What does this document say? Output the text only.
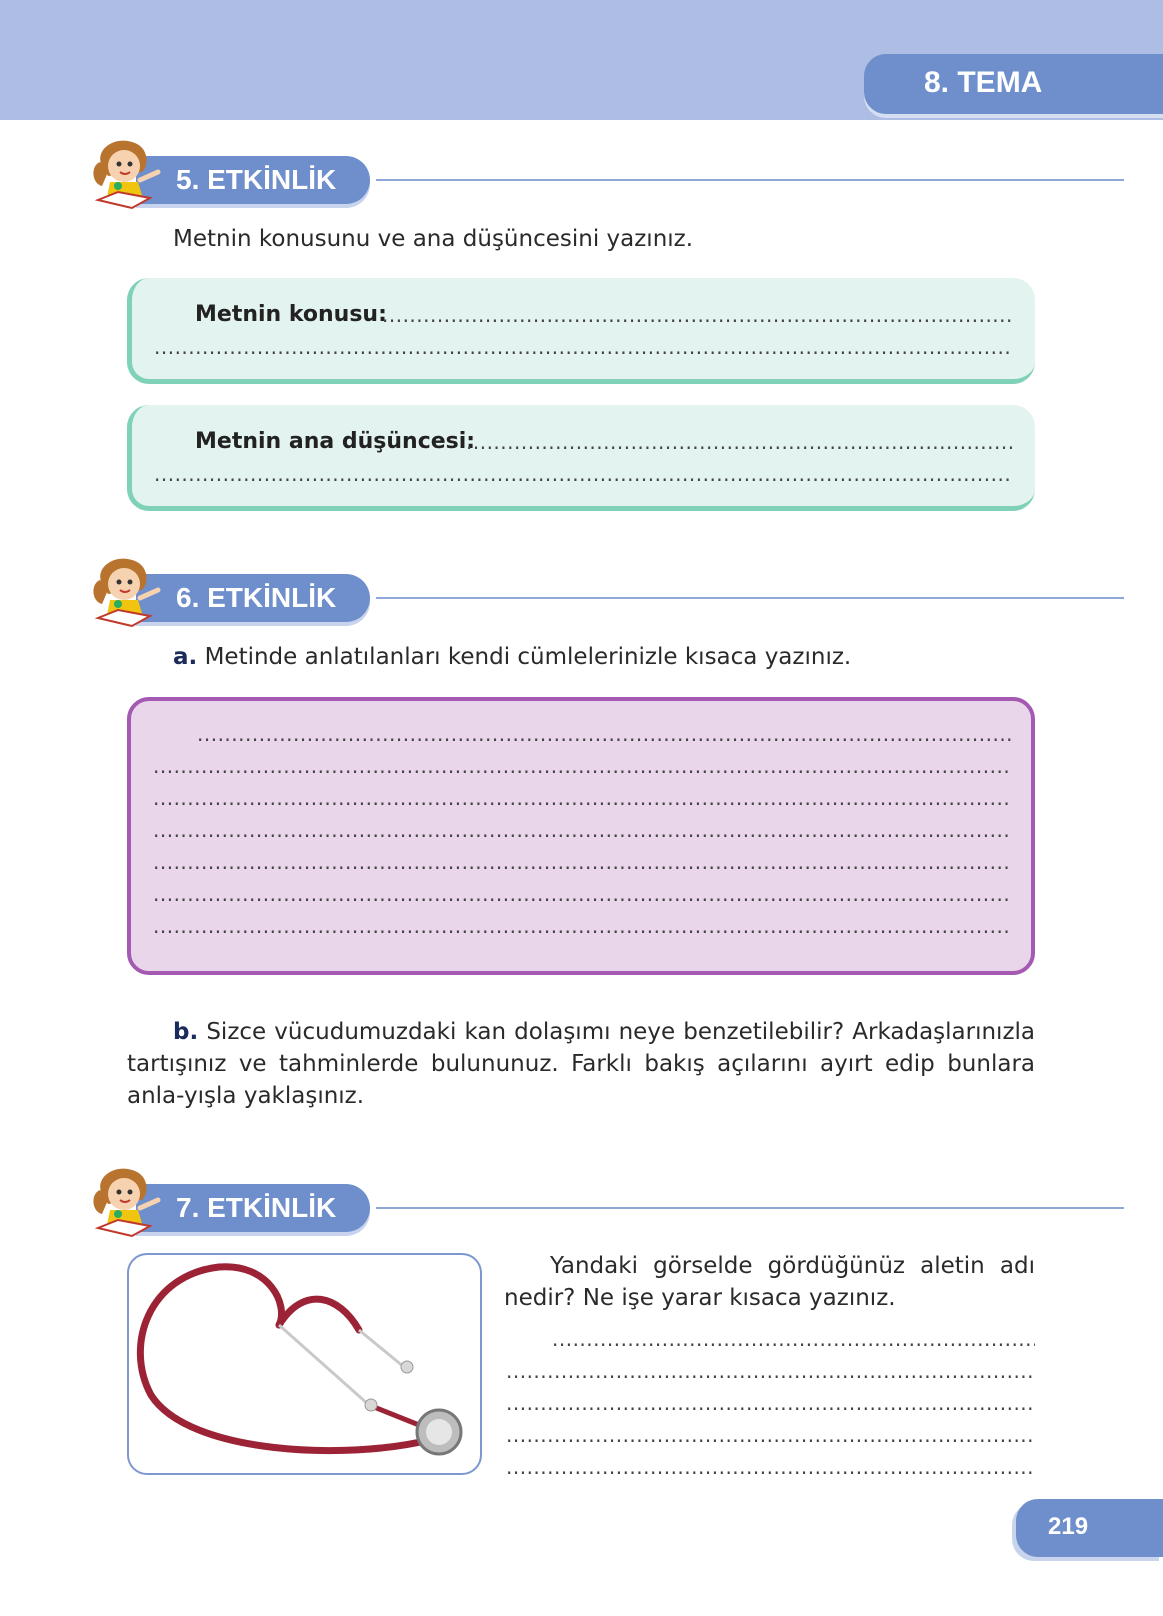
8. TEMA
5. ETKİNLİK
Metnin konusunu ve ana düşüncesini yazınız.
Metnin konusu:
.....
.....
Metnin ana düşüncesi:
.....
.....
6. ETKİNLİK
a. Metinde anlatılanları kendi cümlelerinizle kısaca yazınız.
.....
.....
.....
.....
.....
.....
.....
b. Sizce vücudumuzdaki kan dolaşımı neye benzetilebilir? Arkadaşlarınızla tartışınız ve tahminlerde bulununuz. Farklı bakış açılarını ayırt edip bunlara anla-yışla yaklaşınız.
7. ETKİNLİK
Yandaki görselde gördüğünüz aletin adı nedir? Ne işe yarar kısaca yazınız.
.....
.....
.....
.....
.....
219
